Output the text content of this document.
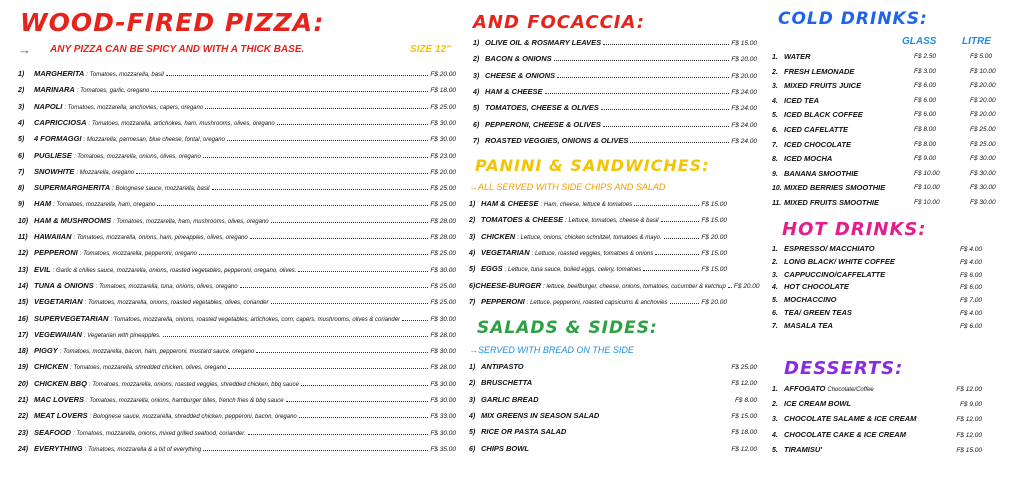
WOOD-FIRED PIZZA:
→ ANY PIZZA CAN BE SPICY AND WITH A THICK BASE.	SIZE 12"
1)	MARGHERITA : Tomatoes, mozzarella, basil	F$ 20.00
2)	MARINARA : Tomatoes, garlic, oregano	F$ 18.00
3)	NAPOLI : Tomatoes, mozzarella, anchovies, capers, oregano	F$ 25.00
4)	CAPRICCIOSA : Tomatoes, mozzarella, artichokes, ham, mushrooms, olives, oregano	F$ 30.00
5)	4 FORMAGGI : Mozzarella, parmesan, blue cheese, fontal, oregano	F$ 30.00
6)	PUGLIESE : Tomatoes, mozzarella, onions, olives, oregano	F$ 23.00
7)	SNOWHITE : Mozzarella, oregano	F$ 20.00
8)	SUPERMARGHERITA : Bolognese sauce, mozzarella, basil	F$ 25.00
9)	HAM : Tomatoes, mozzarella, ham, oregano	F$ 25.00
10) HAM & MUSHROOMS : Tomatoes, mozzarella, ham, mushrooms, olives, oregano	F$ 28.00
11) HAWAIIAN : Tomatoes, mozzarella, onions, ham, pineapples, olives, oregano	F$ 28.00
12) PEPPERONI : Tomatoes, mozzarella, pepperoni, oregano	F$ 25.00
13) EVIL : Garlic & chilies sauce, mozzarella, onions, roasted vegetables, pepperoni, oregano, olives.	F$ 30.00
14) TUNA & ONIONS : Tomatoes, mozzarella, tuna, onions, olives, oregano	F$ 25.00
15) VEGETARIAN : Tomatoes, mozzarella, onions, roasted vegetables, olives, coriander	F$ 25.00
16) SUPERVEGETARIAN : Tomatoes, mozzarella, onions, roasted vegetables, artichokes, corn, capers, mushrooms, olives & coriander	F$ 30.00
17) VEGEWAIIAN : Vegetarian with pineapples.	F$ 28.00
18) PIGGY : Tomatoes, mozzarella, bacon, ham, pepperoni, mustard sauce, oregano	F$ 30.00
19) CHICKEN : Tomatoes, mozzarella, shredded chicken, olives, oregano	F$ 28.00
20) CHICKEN BBQ : Tomatoes, mozzarella, onions, roasted veggies, shredded chicken, bbq sauce	F$ 30.00
21) MAC LOVERS : Tomatoes, mozzarella, onions, hamburger bites, french fries & bbq sauce	F$ 30.00
22) MEAT LOVERS : Bolognese sauce, mozzarella, shredded chicken, pepperoni, bacon, oregano	F$ 33.00
23) SEAFOOD : Tomatoes, mozzarella, onions, mixed grilled seafood, coriander.	F$ 30.00
24) EVERYTHING : Tomatoes, mozzarella & a bit of everything	F$ 35.00
AND FOCACCIA:
1) OLIVE OIL & ROSMARY LEAVES	F$ 15.00
2) BACON & ONIONS	F$ 20.00
3) CHEESE & ONIONS	F$ 20.00
4) HAM & CHEESE	F$ 24.00
5) TOMATOES, CHEESE & OLIVES	F$ 24.00
6) PEPPERONI, CHEESE & OLIVES	F$ 24.00
7) ROASTED VEGGIES, ONIONS & OLIVES	F$ 24.00
PANINI & SANDWICHES:
→ALL SERVED WITH SIDE CHIPS AND SALAD
1) HAM & CHEESE : Ham, cheese, lettuce & tomatoes	F$ 15.00
2) TOMATOES & CHEESE : Lettuce, tomatoes, cheese & basil	F$ 15.00
3) CHICKEN : Lettuce, onions, chicken schnitzel, tomatoes & mayo.	F$ 20.00
4) VEGETARIAN : Lettuce, roasted veggies, tomatoes & onions	F$ 15.00
5) EGGS : Lettuce, tuna sauce, boiled eggs, celery, tomatoes	F$ 15.00
6) CHEESE-BURGER : lettuce, beefburger, cheese, onions, tomatoes, cucumber & ketchup F$ 20.00
7) PEPPERONI : Lettuce, pepperoni, roasted capsicums & anchovies	F$ 20.00
SALADS & SIDES:
→SERVED WITH BREAD ON THE SIDE
1) ANTIPASTO	F$ 25.00
2) BRUSCHETTA	F$ 12.00
3) GARLIC BREAD	F$ 8.00
4) MIX GREENS IN SEASON SALAD	F$ 15.00
5) RICE OR PASTA SALAD	F$ 18.00
6) CHIPS BOWL	F$ 12.00
COLD DRINKS:
GLASS	LITRE
1. WATER	F$ 2.50	F$ 5.00
2. FRESH LEMONADE	F$ 3.00	F$ 10.00
3. MIXED FRUITS JUICE	F$ 6.00	F$ 20.00
4. ICED TEA	F$ 6.00	F$ 20.00
5. ICED BLACK COFFEE	F$ 6.00	F$ 20.00
6. ICED CAFELATTE	F$ 8.00	F$ 25.00
7. ICED CHOCOLATE	F$ 8.00	F$ 25.00
8. ICED MOCHA	F$ 9.00	F$ 30.00
9. BANANA SMOOTHIE	F$ 10.00	F$ 30.00
10. MIXED BERRIES SMOOTHIE	F$ 10.00	F$ 30.00
11. MIXED FRUITS SMOOTHIE	F$ 10.00	F$ 30.00
HOT DRINKS:
1. ESPRESSO/ MACCHIATO	F$ 4.00
2. LONG BLACK/ WHITE COFFEE	F$ 4.00
3. CAPPUCCINO/CAFFELATTE	F$ 6.00
4. HOT CHOCOLATE	F$ 6.00
5. MOCHACCINO	F$ 7.00
6. TEA/ GREEN TEAS	F$ 4.00
7. MASALA TEA	F$ 6.00
DESSERTS:
1. AFFOGATO Chocolate/Coffee	F$ 12.00
2. ICE CREAM BOWL	F$ 9.00
3. CHOCOLATE SALAME & ICE CREAM	F$ 12.00
4. CHOCOLATE CAKE & ICE CREAM	F$ 12.00
5. TIRAMISU'	F$ 15.00
